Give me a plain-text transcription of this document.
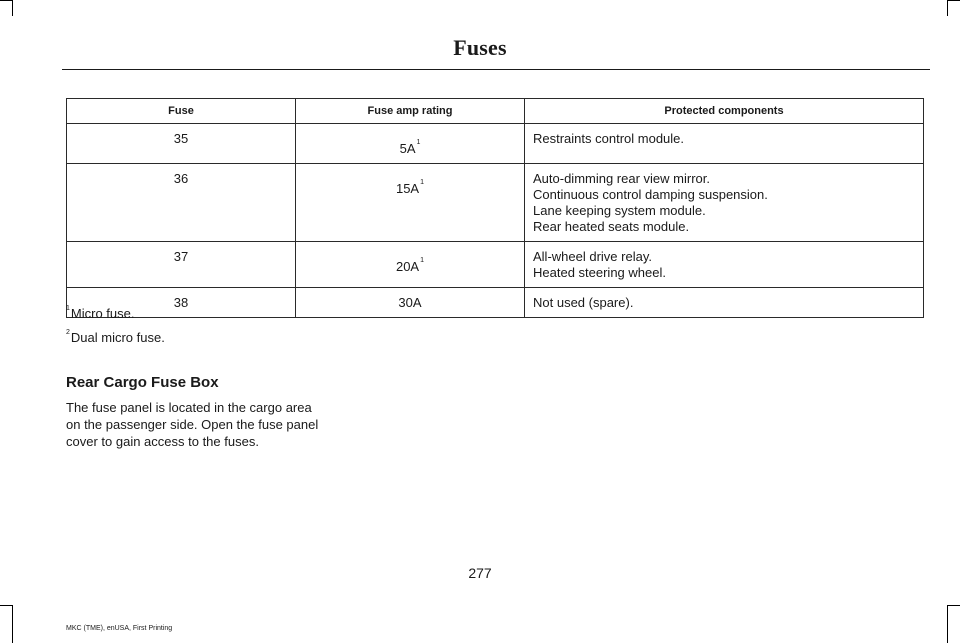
Fuses
Fuse	Fuse amp rating	Protected components
35	$5A^1$	Restraints control module.

36	$15A^1$	Auto-dimming rear view mirror.
Continuous control damping suspension.
Lane keeping system module.
Rear heated seats module.

37	$20A^1$	All-wheel drive relay.
Heated steering wheel.

38	30A	Not used (spare).
$^1$Micro fuse.
$^2$Dual micro fuse.
Rear Cargo Fuse Box
The fuse panel is located in the cargo area
on the passenger side. Open the fuse panel
cover to gain access to the fuses.
277
MKC (TME), enUSA, First Printing
